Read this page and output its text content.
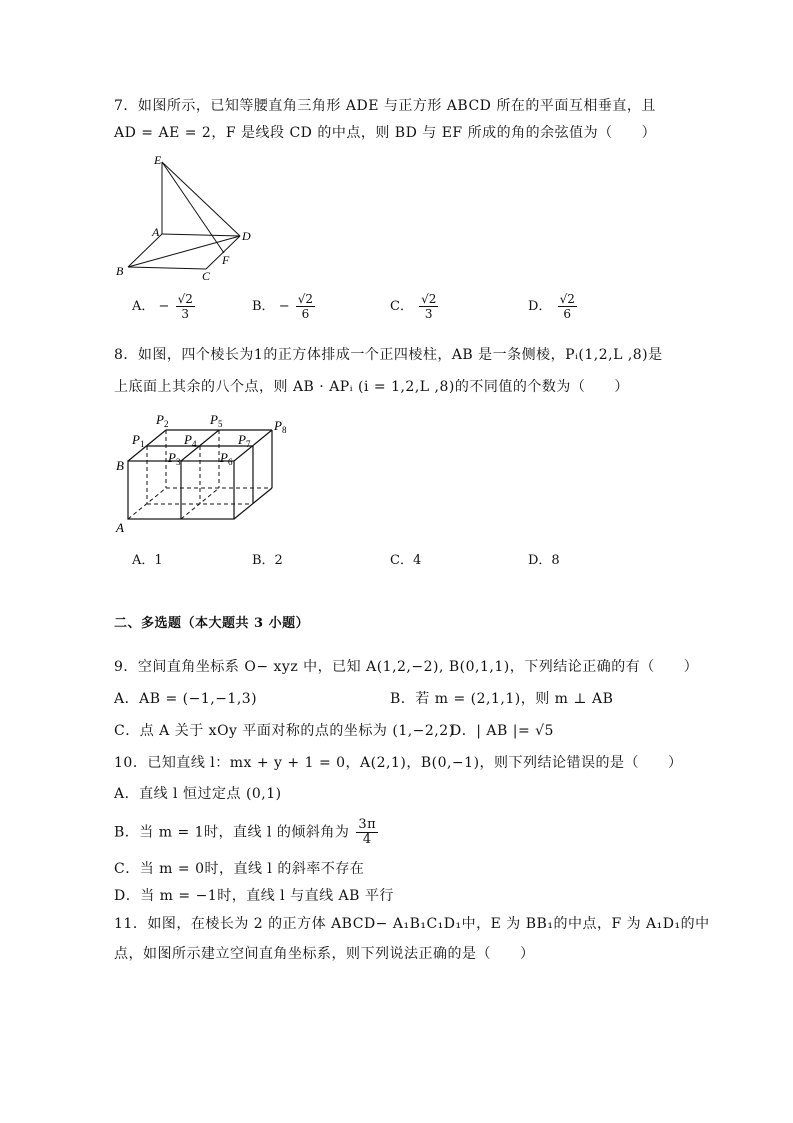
7．如图所示，已知等腰直角三角形 ADE 与正方形 ABCD 所在的平面互相垂直，且
AD = AE = 2，F 是线段 CD 的中点，则 BD 与 EF 所成的角的余弦值为（　　）
E
A	D
B	C
F
A． − $\frac{√2}{3}$	B． − $\frac{√2}{6}$	C． $\frac{√2}{3}$	D． $\frac{√2}{6}$
8．如图，四个棱长为1的正方体排成一个正四棱柱，AB 是一条侧棱，Pᵢ(1,2,L ,8)是
上底面上其余的八个点，则 AB · APᵢ (i = 1,2,L ,8)的不同值的个数为（　　）
$P_2$	$P_5$	$P_8$
$P_1$	$P_4$	$P_7$
$P_3$	$P_6$
B
A
A．1	B．2	C．4	D．8
二、多选题（本大题共 3 小题）
9．空间直角坐标系 O− xyz 中，已知 A(1,2,−2), B(0,1,1)，下列结论正确的有（　　）
A．AB = (−1,−1,3)	B．若 m = (2,1,1)，则 m ⊥ AB
C．点 A 关于 xOy 平面对称的点的坐标为 (1,−2,2)
D．| AB |= √5
10．已知直线 l：mx + y + 1 = 0，A(2,1)，B(0,−1)，则下列结论错误的是（　　）
A．直线 l 恒过定点 (0,1)
B．当 m = 1时，直线 l 的倾斜角为 $\frac{3\pi}{4}$
C．当 m = 0时，直线 l 的斜率不存在
D．当 m = −1时，直线 l 与直线 AB 平行
11．如图，在棱长为 2 的正方体 ABCD− A₁B₁C₁D₁中，E 为 BB₁的中点，F 为 A₁D₁的中
点，如图所示建立空间直角坐标系，则下列说法正确的是（　　）
